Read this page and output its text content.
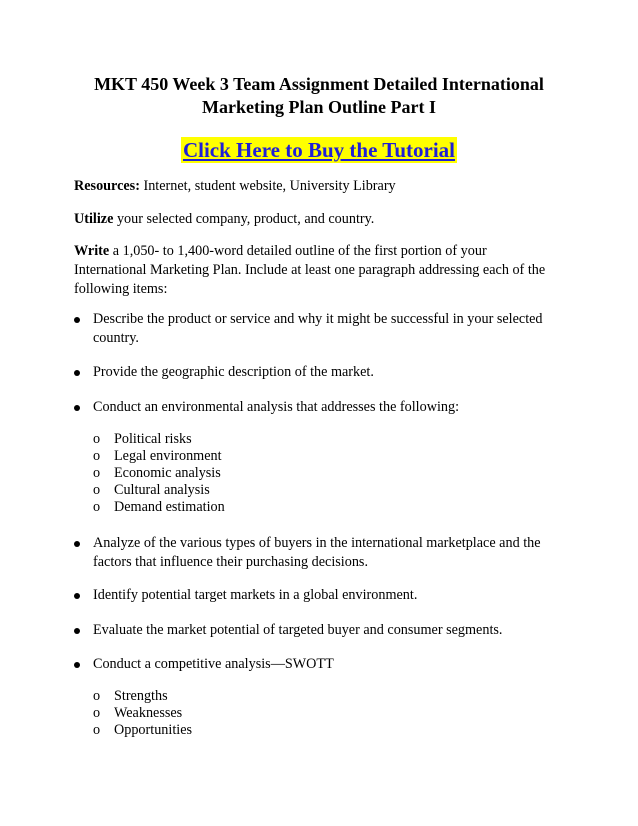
MKT 450 Week 3 Team Assignment Detailed International
Marketing Plan Outline Part I
Click Here to Buy the Tutorial

Resources: Internet, student website, University Library

Utilize your selected company, product, and country.

Write a 1,050- to 1,400-word detailed outline of the first portion of your
International Marketing Plan. Include at least one paragraph addressing each of the
following items:
Describe the product or service and why it might be successful in your selected
country.
Provide the geographic description of the market.
Conduct an environmental analysis that addresses the following:
o Political risks
o Legal environment
o Economic analysis
o Cultural analysis
o Demand estimation
Analyze of the various types of buyers in the international marketplace and the
factors that influence their purchasing decisions.
Identify potential target markets in a global environment.
Evaluate the market potential of targeted buyer and consumer segments.
Conduct a competitive analysis—SWOTT
o Strengths
o Weaknesses
o Opportunities
